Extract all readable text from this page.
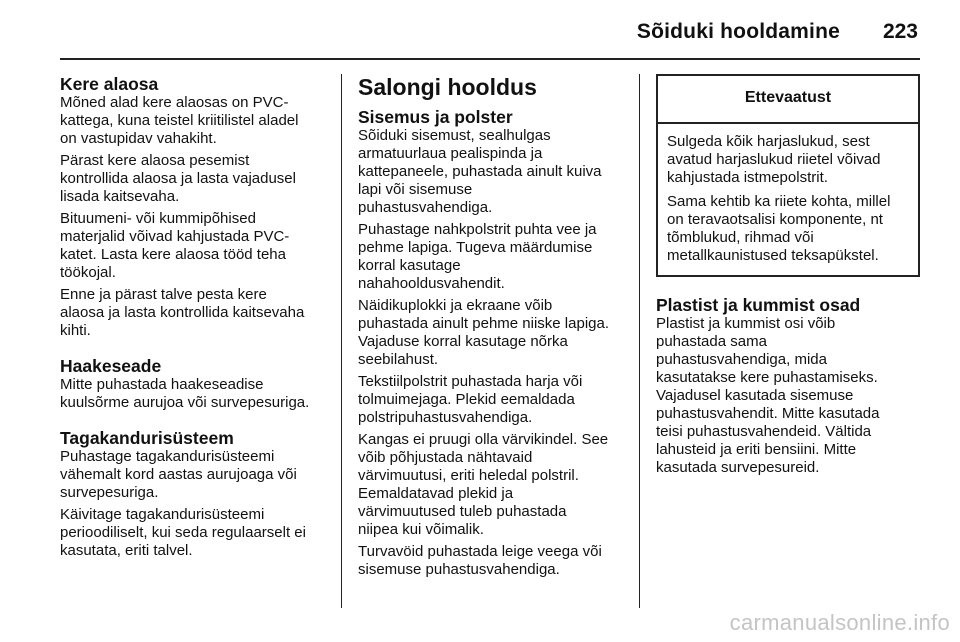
Sõiduki hooldamine 223
Kere alaosa

Mõned alad kere alaosas on PVC-
kattega, kuna teistel kriitilistel aladel
on vastupidav vahakiht.

Pärast kere alaosa pesemist
kontrollida alaosa ja lasta vajadusel
lisada kaitsevaha.

Bituumeni- või kummipõhised
materjalid võivad kahjustada PVC-
katet. Lasta kere alaosa tööd teha
töökojal.

Enne ja pärast talve pesta kere
alaosa ja lasta kontrollida kaitsevaha
kihti.

Haakeseade

Mitte puhastada haakeseadise
kuulsõrme aurujoa või survepesuriga.

Tagakandurisüsteem

Puhastage tagakandurisüsteemi
vähemalt kord aastas aurujoaga või
survepesuriga.

Käivitage tagakandurisüsteemi
perioodiliselt, kui seda regulaarselt ei
kasutata, eriti talvel.

Salongi hooldus
Sisemus ja polster

Sõiduki sisemust, sealhulgas
armatuurlaua pealispinda ja
kattepaneele, puhastada ainult kuiva
lapi või sisemuse
puhastusvahendiga.

Puhastage nahkpolstrit puhta vee ja
pehme lapiga. Tugeva määrdumise
korral kasutage
nahahooldusvahendit.

Näidikuplokki ja ekraane võib
puhastada ainult pehme niiske lapiga.
Vajaduse korral kasutage nõrka
seebilahust.

Tekstiilpolstrit puhastada harja või
tolmuimejaga. Plekid eemaldada
polstripuhastusvahendiga.

Kangas ei pruugi olla värvikindel. See
võib põhjustada nähtavaid
värvimuutusi, eriti heledal polstril.
Eemaldatavad plekid ja
värvimuutused tuleb puhastada
niipea kui võimalik.

Turvavöid puhastada leige veega või
sisemuse puhastusvahendiga.

Ettevaatust

Sulgeda kõik harjaslukud, sest
avatud harjaslukud riietel võivad
kahjustada istmepolstrit.

Sama kehtib ka riiete kohta, millel
on teravaotsalisi komponente, nt
tõmblukud, rihmad või
metallkaunistused teksapükstel.

Plastist ja kummist osad

Plastist ja kummist osi võib
puhastada sama
puhastusvahendiga, mida
kasutatakse kere puhastamiseks.
Vajadusel kasutada sisemuse
puhastusvahendit. Mitte kasutada
teisi puhastusvahendeid. Vältida
lahusteid ja eriti bensiini. Mitte
kasutada survepesureid.

carmanualsonline.info
